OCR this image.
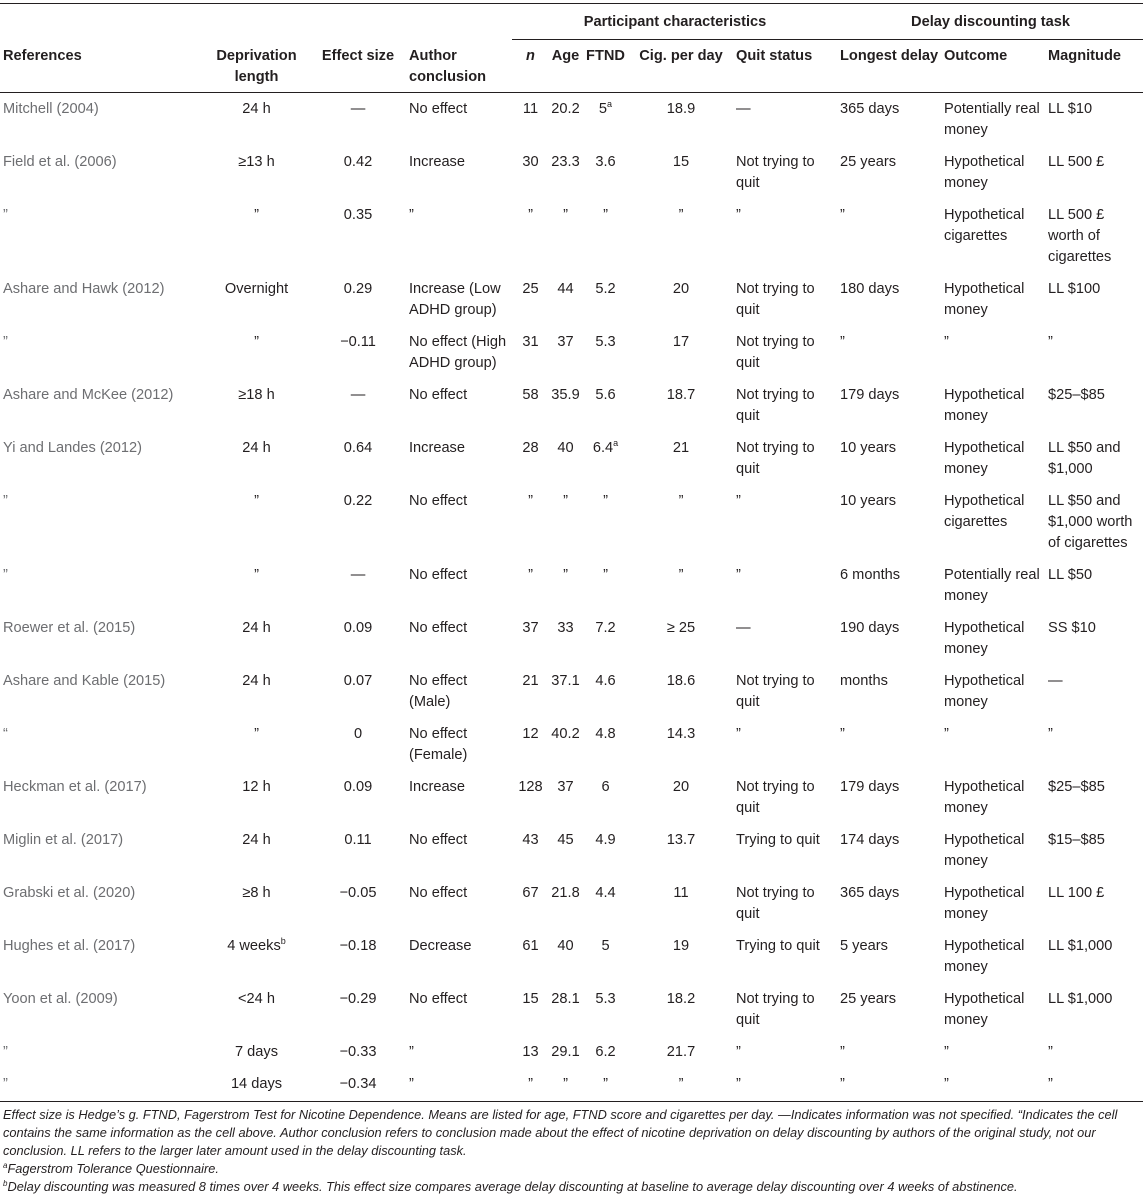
				Participant characteristics					Delay discounting task		
References	Deprivation length	Effect size	Author conclusion	n	Age	FTND	Cig. per day	Quit status	Longest delay	Outcome	Magnitude
Mitchell (2004)	24 h	—	No effect	11	20.2	5$^a$	18.9	—	365 days	Potentially real money	LL $10
Field et al. (2006)	≥13 h	0.42	Increase	30	23.3	3.6	15	Not trying to quit	25 years	Hypothetical money	LL 500 £
”	”	0.35	”	”	”	”	”	”	”	Hypothetical cigarettes	LL 500 £ worth of cigarettes
Ashare and Hawk (2012)	Overnight	0.29	Increase (Low ADHD group)	25	44	5.2	20	Not trying to quit	180 days	Hypothetical money	LL $100
”	”	−0.11	No effect (High ADHD group)	31	37	5.3	17	Not trying to quit	”	”	”
Ashare and McKee (2012)	≥18 h	—	No effect	58	35.9	5.6	18.7	Not trying to quit	179 days	Hypothetical money	$25–$85
Yi and Landes (2012)	24 h	0.64	Increase	28	40	6.4$^a$	21	Not trying to quit	10 years	Hypothetical money	LL $50 and $1,000
”	”	0.22	No effect	”	”	”	”	”	10 years	Hypothetical cigarettes	LL $50 and $1,000 worth of cigarettes
”	”	—	No effect	”	”	”	”	”	6 months	Potentially real money	LL $50
Roewer et al. (2015)	24 h	0.09	No effect	37	33	7.2	≥ 25	—	190 days	Hypothetical money	SS $10
Ashare and Kable (2015)	24 h	0.07	No effect (Male)	21	37.1	4.6	18.6	Not trying to quit	months	Hypothetical money	—
“	”	0	No effect (Female)	12	40.2	4.8	14.3	”	”	”	”
Heckman et al. (2017)	12 h	0.09	Increase	128	37	6	20	Not trying to quit	179 days	Hypothetical money	$25–$85
Miglin et al. (2017)	24 h	0.11	No effect	43	45	4.9	13.7	Trying to quit	174 days	Hypothetical money	$15–$85
Grabski et al. (2020)	≥8 h	−0.05	No effect	67	21.8	4.4	11	Not trying to quit	365 days	Hypothetical money	LL 100 £
Hughes et al. (2017)	4 weeks$^b$	−0.18	Decrease	61	40	5	19	Trying to quit	5 years	Hypothetical money	LL $1,000
Yoon et al. (2009)	<24 h	−0.29	No effect	15	28.1	5.3	18.2	Not trying to quit	25 years	Hypothetical money	LL $1,000
”	7 days	−0.33	”	13	29.1	6.2	21.7	”	”	”	”
”	14 days	−0.34	”	”	”	”	”	”	”	”	”

Effect size is Hedge’s g. FTND, Fagerstrom Test for Nicotine Dependence. Means are listed for age, FTND score and cigarettes per day. —Indicates information was not specified. “Indicates the cell contains the same information as the cell above. Author conclusion refers to conclusion made about the effect of nicotine deprivation on delay discounting by authors of the original study, not our conclusion. LL refers to the larger later amount used in the delay discounting task.

$^a$Fagerstrom Tolerance Questionnaire.

$^b$Delay discounting was measured 8 times over 4 weeks. This effect size compares average delay discounting at baseline to average delay discounting over 4 weeks of abstinence.
